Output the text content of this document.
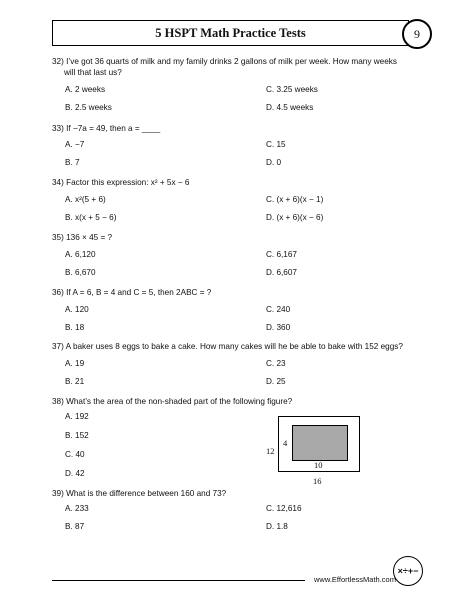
5 HSPT Math Practice Tests	9
32) I’ve got 36 quarts of milk and my family drinks 2 gallons of milk per week. How many weeks
will that last us?
A. 2 weeks	C. 3.25 weeks
B. 2.5 weeks	D. 4.5 weeks
33) If −7a = 49, then a = ____
A. −7	C. 15
B. 7	D. 0
34) Factor this expression: x² + 5x − 6
A. x²(5 + 6)	C. (x + 6)(x − 1)
B. x(x + 5 − 6)	D. (x + 6)(x − 6)
35) 136 × 45 = ?
A. 6,120	C. 6,167
B. 6,670	D. 6,607
36) If A = 6, B = 4 and C = 5, then 2ABC = ?
A. 120	C. 240
B. 18	D. 360
37) A baker uses 8 eggs to bake a cake. How many cakes will he be able to bake with 152 eggs?
A. 19	C. 23
B. 21	D. 25
38) What’s the area of the non-shaded part of the following figure?
A. 192
B. 152
C. 40
D. 42
12
16
4
10
39) What is the difference between 160 and 73?
A. 233	C. 12,616
B. 87	D. 1.8
www.EffortlessMath.com
×÷+−
